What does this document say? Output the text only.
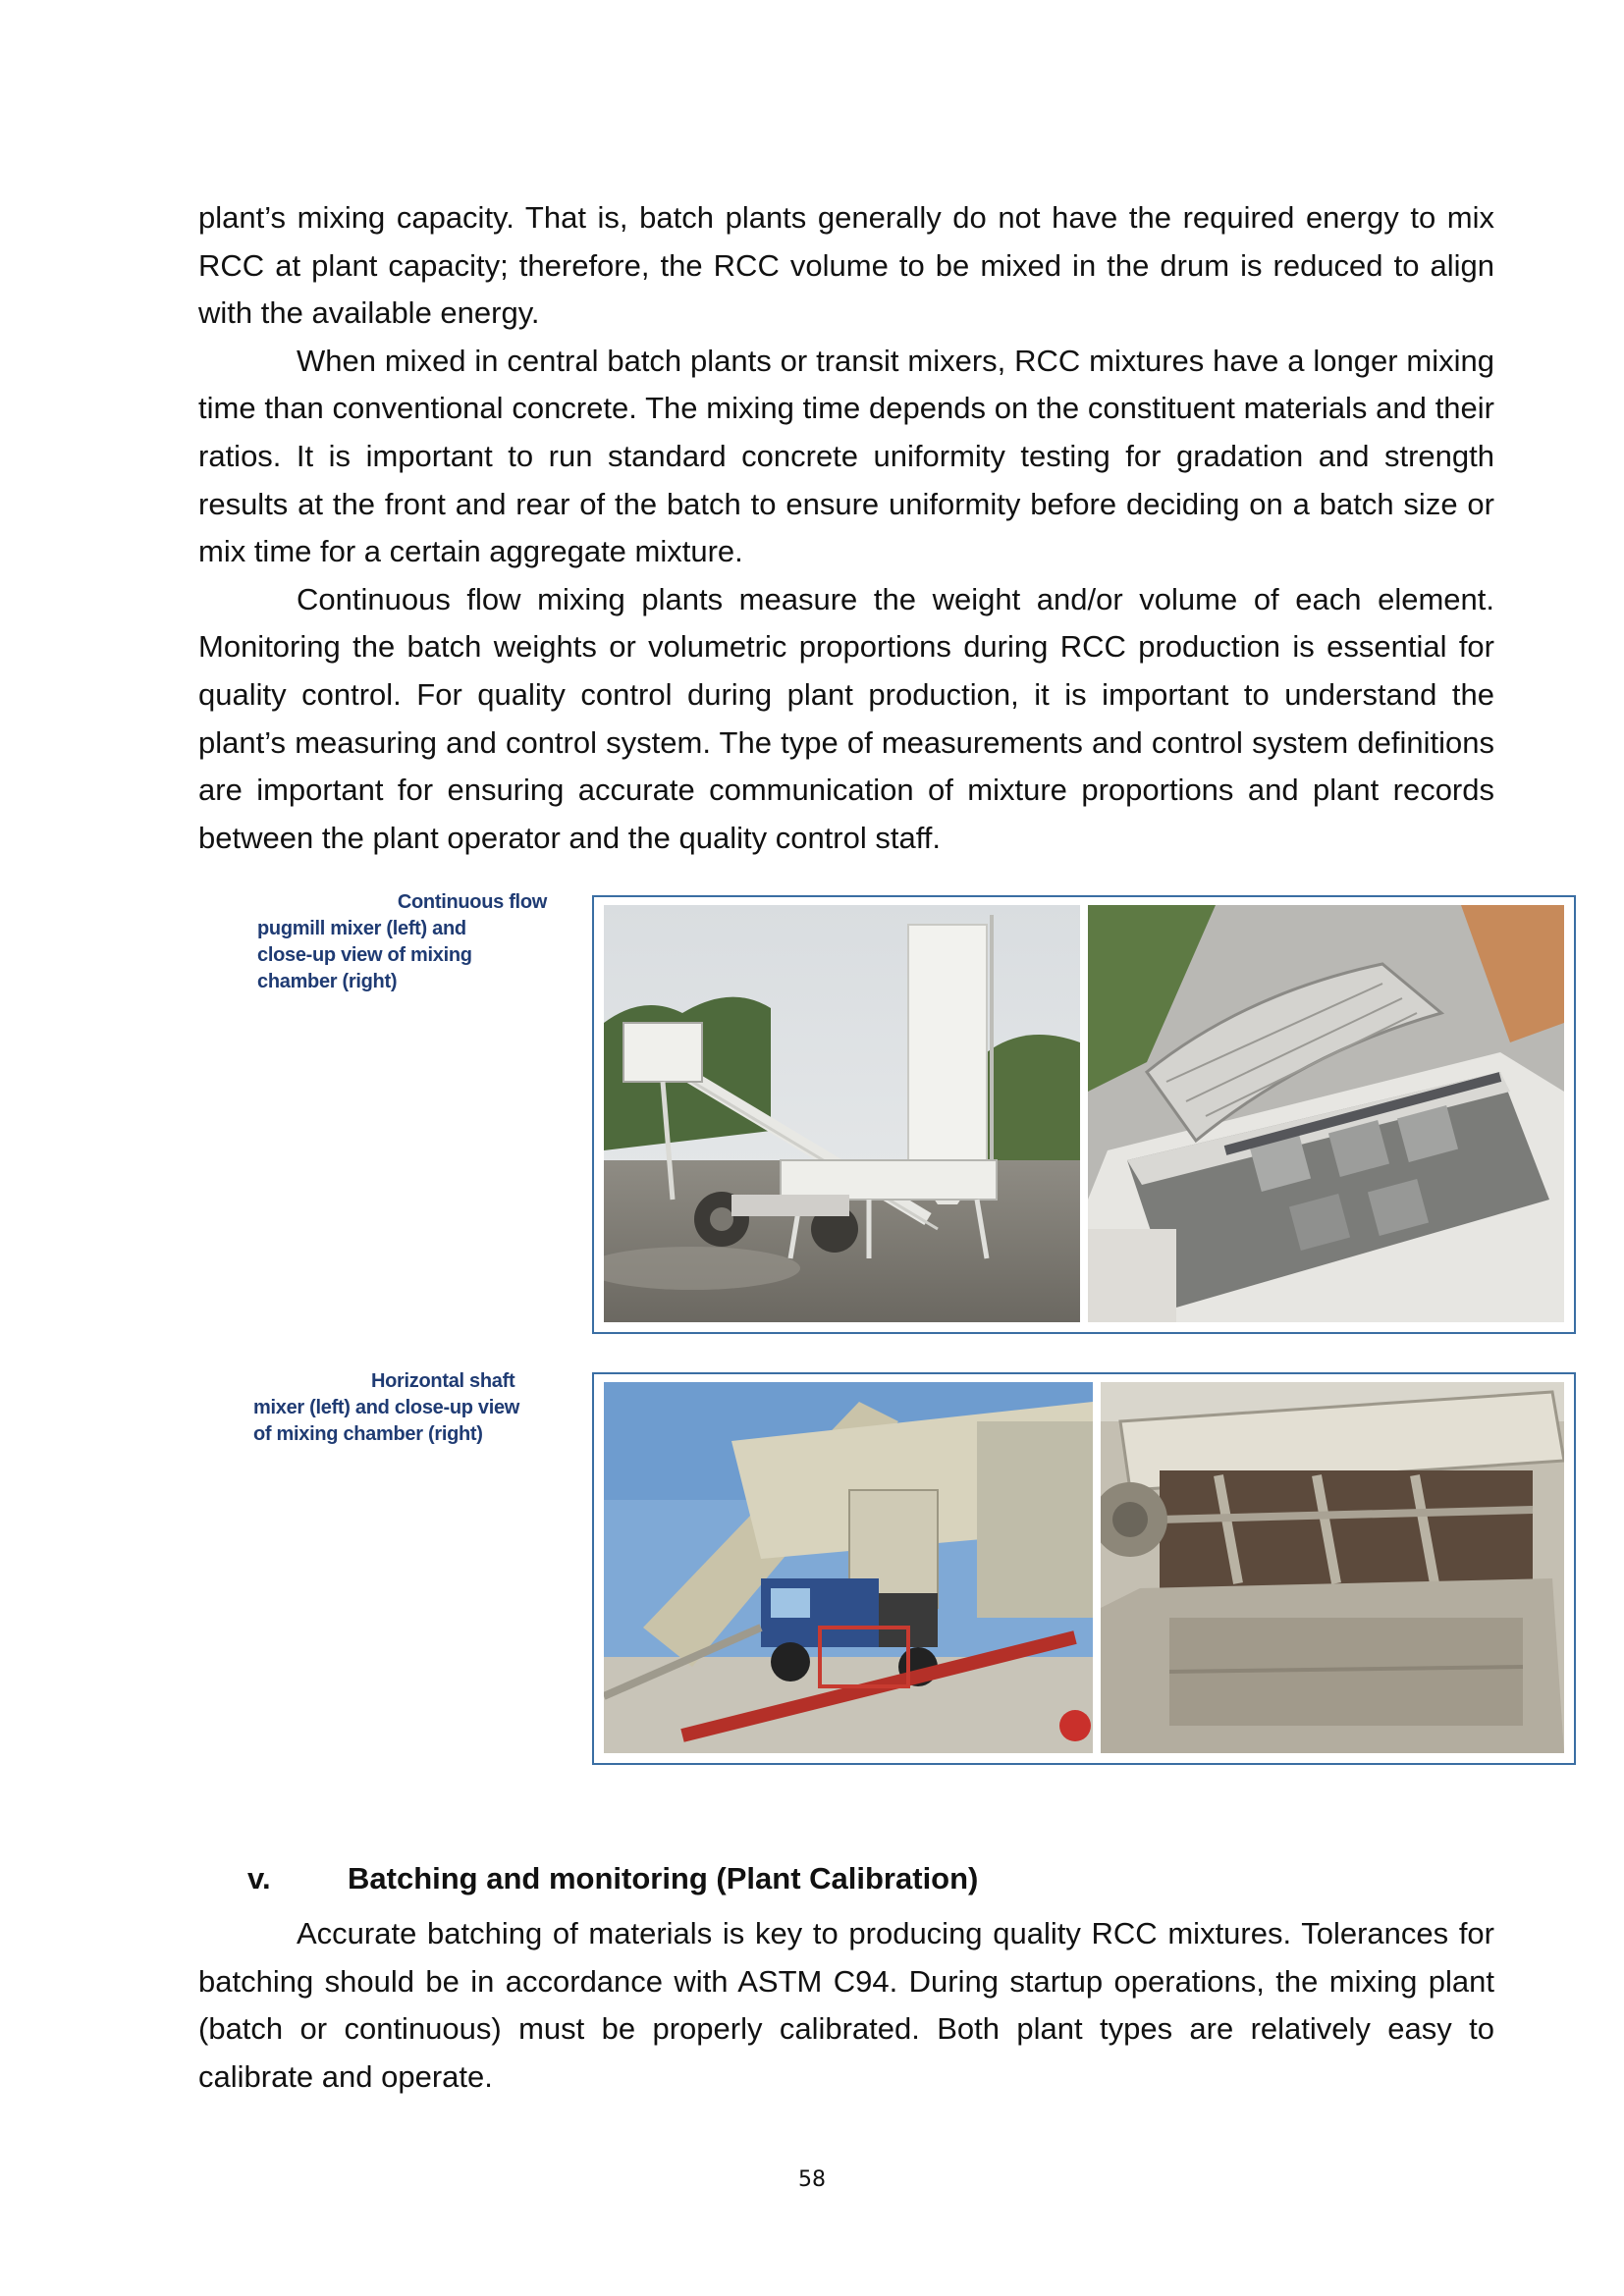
plant’s mixing capacity. That is, batch plants generally do not have the required energy to mix RCC at plant capacity; therefore, the RCC volume to be mixed in the drum is reduced to align with the available energy.

When mixed in central batch plants or transit mixers, RCC mixtures have a longer mixing time than conventional concrete. The mixing time depends on the constituent materials and their ratios. It is important to run standard concrete uniformity testing for gradation and strength results at the front and rear of the batch to ensure uniformity before deciding on a batch size or mix time for a certain aggregate mixture.

Continuous flow mixing plants measure the weight and/or volume of each element. Monitoring the batch weights or volumetric proportions during RCC production is essential for quality control. For quality control during plant production, it is important to understand the plant’s measuring and control system. The type of measurements and control system definitions are important for ensuring accurate communication of mixture proportions and plant records between the plant operator and the quality control staff.

Continuous flow
pugmill mixer (left) and
close-up view of mixing
chamber (right)
Horizontal shaft
mixer (left) and close-up view
of mixing chamber (right)
v.	Batching and monitoring (Plant Calibration)

Accurate batching of materials is key to producing quality RCC mixtures. Tolerances for batching should be in accordance with ASTM C94. During startup operations, the mixing plant (batch or continuous) must be properly calibrated. Both plant types are relatively easy to calibrate and operate.

58
